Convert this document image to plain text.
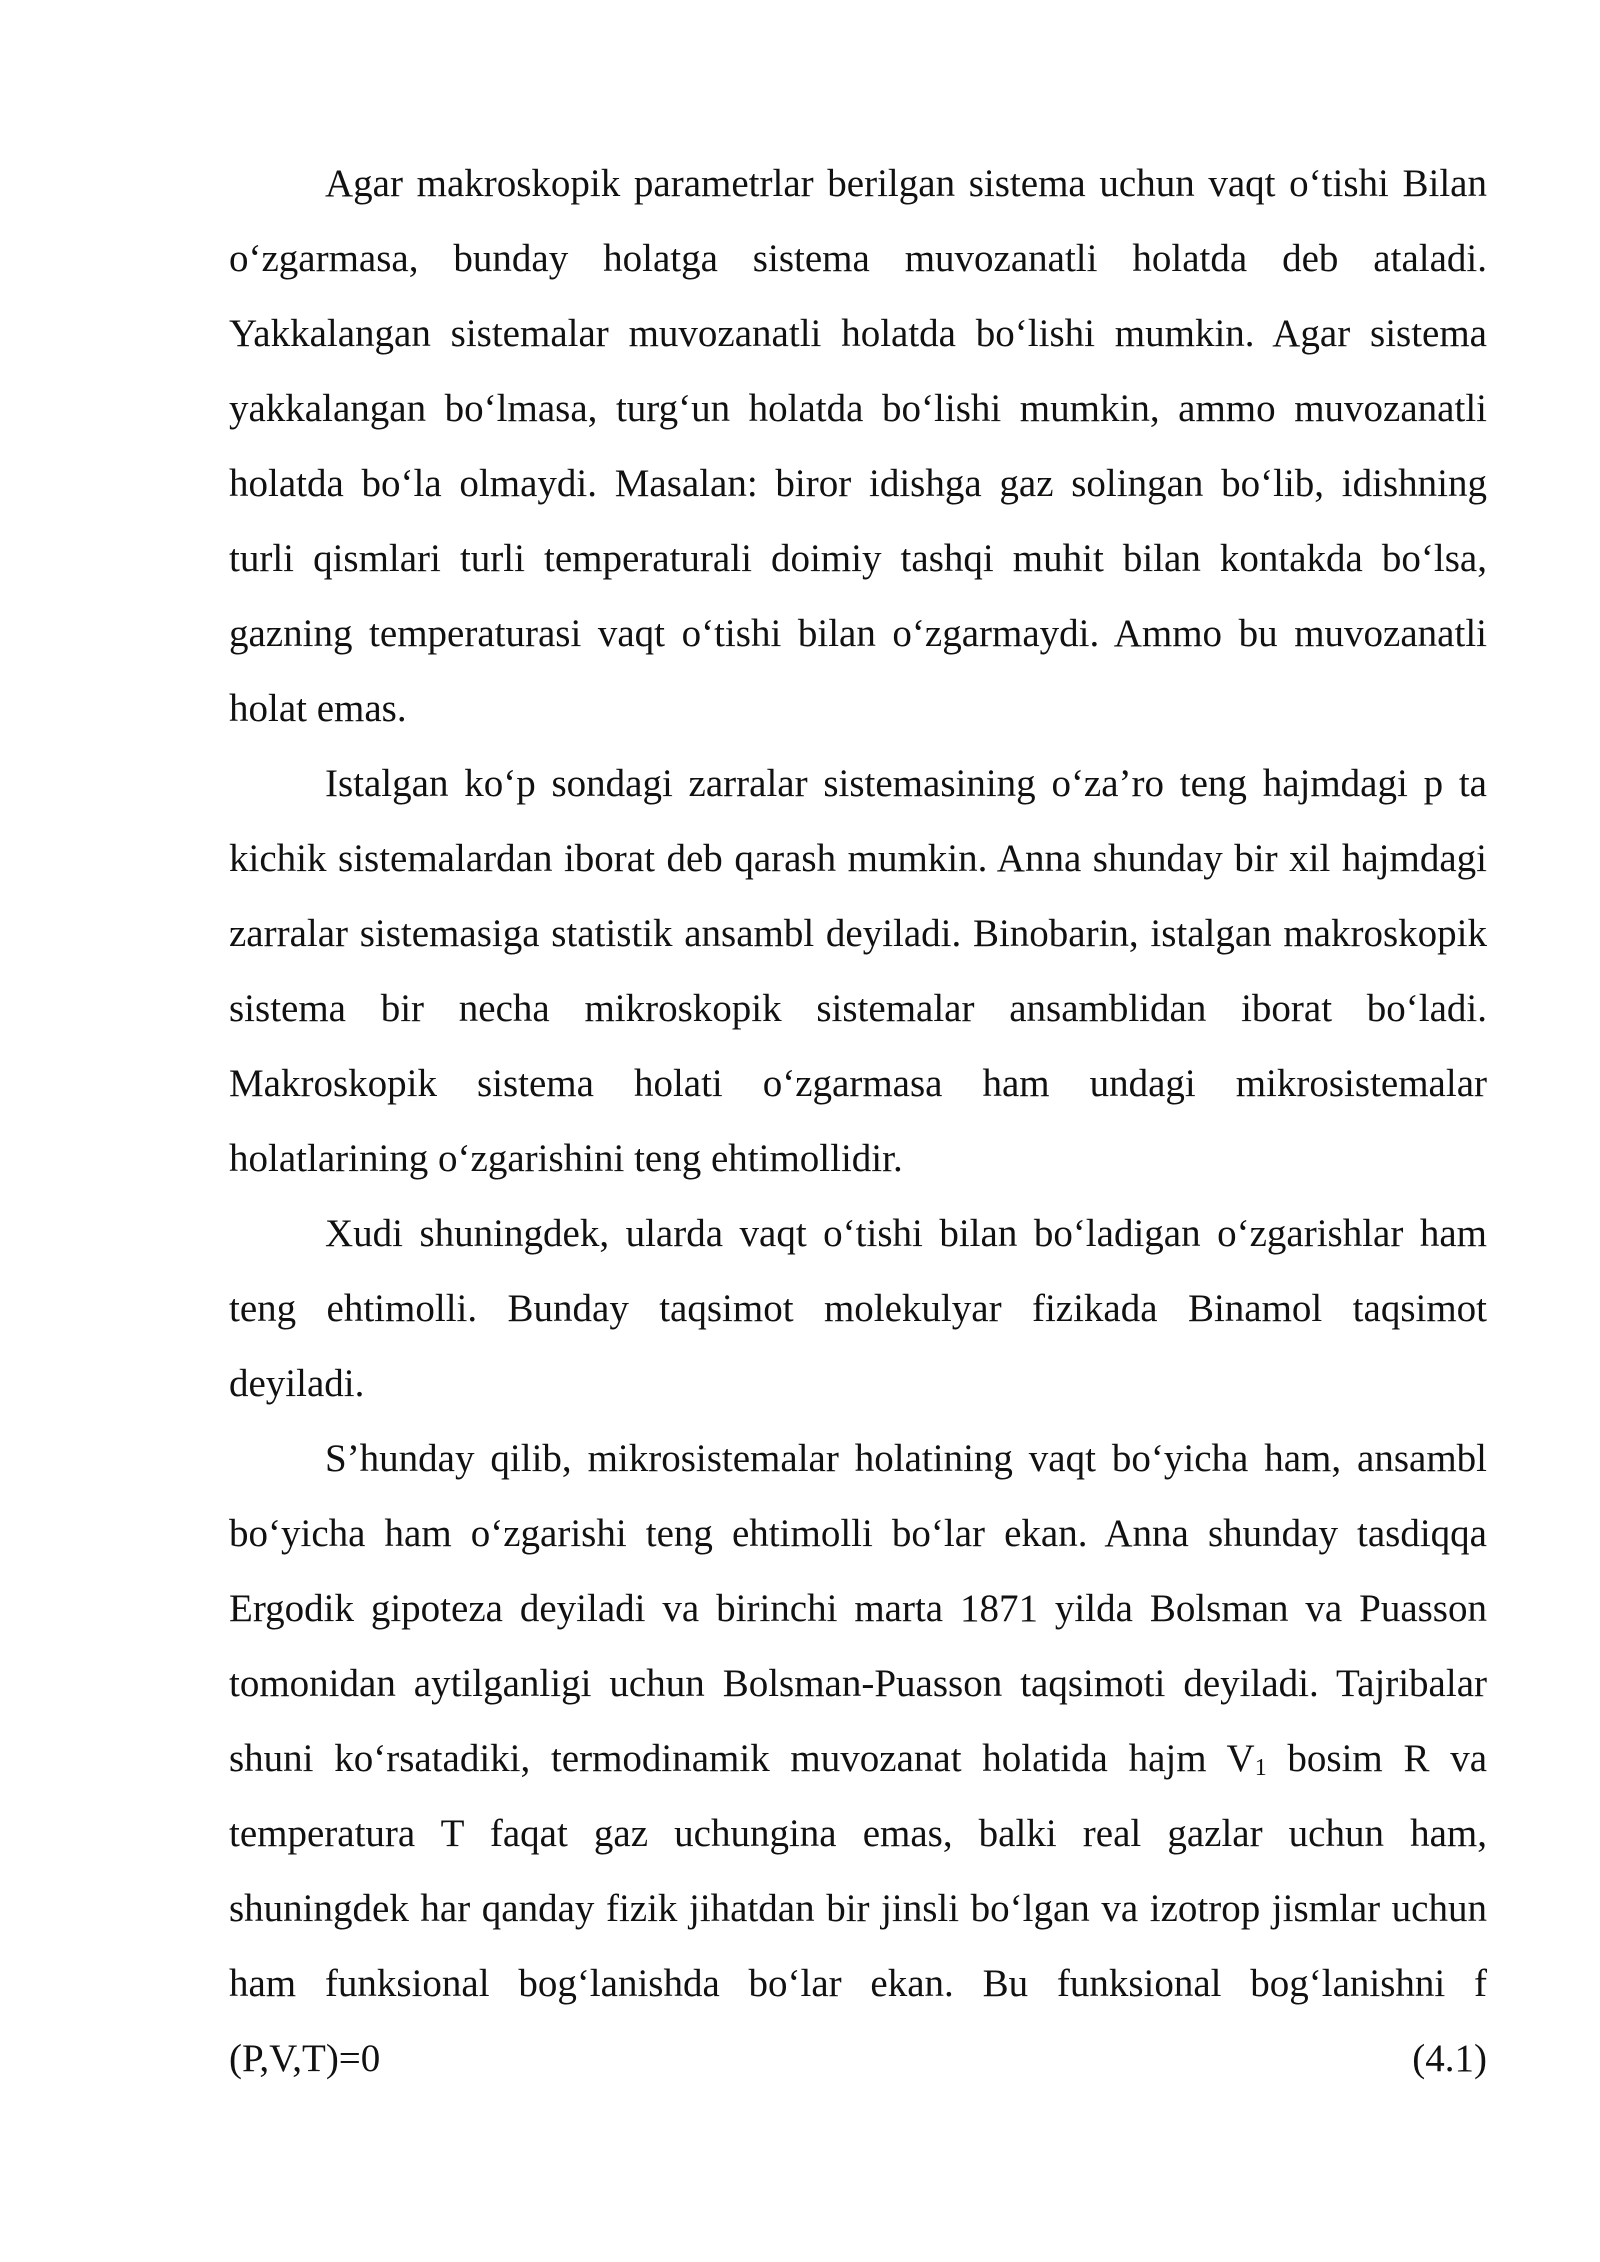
Agar makroskopik parametrlar berilgan sistema uchun vaqt o‘tishi Bilan o‘zgarmasa, bunday holatga sistema muvozanatli holatda deb ataladi. Yakkalangan sistemalar muvozanatli holatda bo‘lishi mumkin. Agar sistema yakkalangan bo‘lmasa, turg‘un holatda bo‘lishi mumkin, ammo muvozanatli holatda bo‘la olmaydi. Masalan: biror idishga gaz solingan bo‘lib, idishning turli qismlari turli temperaturali doimiy tashqi muhit bilan kontakda bo‘lsa, gazning temperaturasi vaqt o‘tishi bilan o‘zgarmaydi. Ammo bu muvozanatli holat emas.

Istalgan ko‘p sondagi zarralar sistemasining o‘za’ro teng hajmdagi p ta kichik sistemalardan iborat deb qarash mumkin. Anna shunday bir xil hajmdagi zarralar sistemasiga statistik ansambl deyiladi. Binobarin, istalgan makroskopik sistema bir necha mikroskopik sistemalar ansamblidan iborat bo‘ladi. Makroskopik sistema holati o‘zgarmasa ham undagi mikrosistemalar holatlarining o‘zgarishini teng ehtimollidir.

Xudi shuningdek, ularda vaqt o‘tishi bilan bo‘ladigan o‘zgarishlar ham teng ehtimolli. Bunday taqsimot molekulyar fizikada Binamol taqsimot deyiladi.

S’hunday qilib, mikrosistemalar holatining vaqt bo‘yicha ham, ansambl bo‘yicha ham o‘zgarishi teng ehtimolli bo‘lar ekan. Anna shunday tasdiqqa Ergodik gipoteza deyiladi va birinchi marta 1871 yilda Bolsman va Puasson tomonidan aytilganligi uchun Bolsman-Puasson taqsimoti deyiladi. Tajribalar shuni ko‘rsatadiki, termodinamik muvozanat holatida hajm $V_1$ bosim R va temperatura T faqat gaz uchungina emas, balki real gazlar uchun ham, shuningdek har qanday fizik jihatdan bir jinsli bo‘lgan va izotrop jismlar uchun ham funksional bog‘lanishda bo‘lar ekan. Bu funksional bog‘lanishni f (P,V,T)=0 (4.1)
